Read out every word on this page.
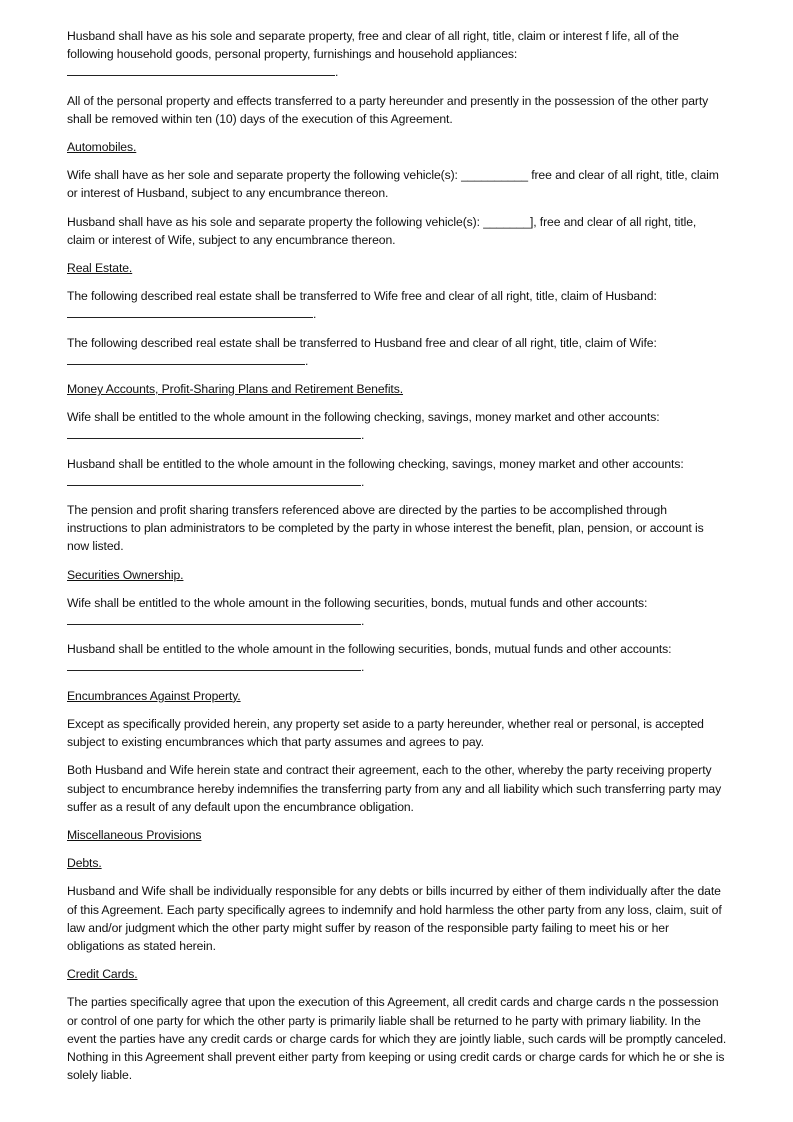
Husband shall have as his sole and separate property, free and clear of all right, title, claim or interest f life, all of the following household goods, personal property, furnishings and household appliances:
.

All of the personal property and effects transferred to a party hereunder and presently in the possession of the other party shall be removed within ten (10) days of the execution of this Agreement.

Automobiles.

Wife shall have as her sole and separate property the following vehicle(s): __________ free and clear of all right, title, claim or interest of Husband, subject to any encumbrance thereon.

Husband shall have as his sole and separate property the following vehicle(s): _______], free and clear of all right, title, claim or interest of Wife, subject to any encumbrance thereon.

Real Estate.

The following described real estate shall be transferred to Wife free and clear of all right, title, claim of Husband: .

The following described real estate shall be transferred to Husband free and clear of all right, title, claim of Wife: .

Money Accounts, Profit-Sharing Plans and Retirement Benefits.

Wife shall be entitled to the whole amount in the following checking, savings, money market and other accounts: .

Husband shall be entitled to the whole amount in the following checking, savings, money market and other accounts: .

The pension and profit sharing transfers referenced above are directed by the parties to be accomplished through instructions to plan administrators to be completed by the party in whose interest the benefit, plan, pension, or account is now listed.

Securities Ownership.

Wife shall be entitled to the whole amount in the following securities, bonds, mutual funds and other accounts: .

Husband shall be entitled to the whole amount in the following securities, bonds, mutual funds and other accounts: .

Encumbrances Against Property.

Except as specifically provided herein, any property set aside to a party hereunder, whether real or personal, is accepted subject to existing encumbrances which that party assumes and agrees to pay.

Both Husband and Wife herein state and contract their agreement, each to the other, whereby the party receiving property subject to encumbrance hereby indemnifies the transferring party from any and all liability which such transferring party may suffer as a result of any default upon the encumbrance obligation.

Miscellaneous Provisions
Debts.

Husband and Wife shall be individually responsible for any debts or bills incurred by either of them individually after the date of this Agreement. Each party specifically agrees to indemnify and hold harmless the other party from any loss, claim, suit of law and/or judgment which the other party might suffer by reason of the responsible party failing to meet his or her obligations as stated herein.

Credit Cards.

The parties specifically agree that upon the execution of this Agreement, all credit cards and charge cards n the possession or control of one party for which the other party is primarily liable shall be returned to he party with primary liability. In the event the parties have any credit cards or charge cards for which they are jointly liable, such cards will be promptly canceled. Nothing in this Agreement shall prevent either party from keeping or using credit cards or charge cards for which he or she is solely liable.
